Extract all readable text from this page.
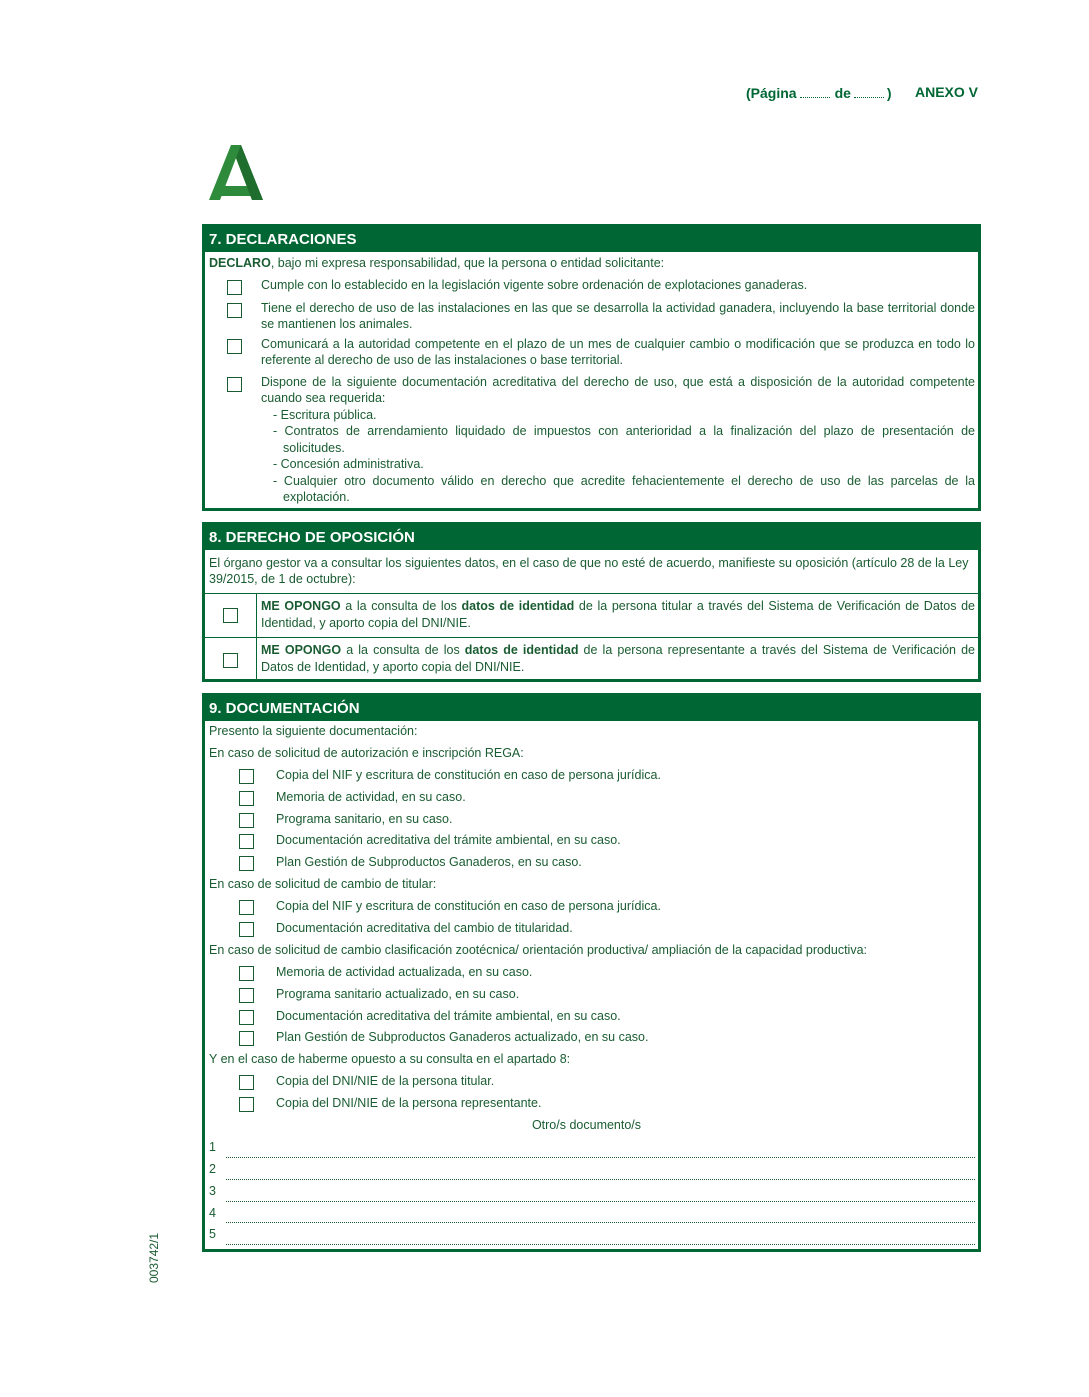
(Página	de	) ANEXO V
7. DECLARACIONES
DECLARO, bajo mi expresa responsabilidad, que la persona o entidad solicitante:
Cumple con lo establecido en la legislación vigente sobre ordenación de explotaciones ganaderas.
Tiene el derecho de uso de las instalaciones en las que se desarrolla la actividad ganadera, incluyendo la base territorial donde se mantienen los animales.
Comunicará a la autoridad competente en el plazo de un mes de cualquier cambio o modificación que se produzca en todo lo referente al derecho de uso de las instalaciones o base territorial.
Dispone de la siguiente documentación acreditativa del derecho de uso, que está a disposición de la autoridad competente cuando sea requerida:
- Escritura pública.
- Contratos de arrendamiento liquidado de impuestos con anterioridad a la finalización del plazo de presentación de solicitudes.
- Concesión administrativa.
- Cualquier otro documento válido en derecho que acredite fehacientemente el derecho de uso de las parcelas de la explotación.
8. DERECHO DE OPOSICIÓN
El órgano gestor va a consultar los siguientes datos, en el caso de que no esté de acuerdo, manifieste su oposición (artículo 28 de la Ley 39/2015, de 1 de octubre):
ME OPONGO a la consulta de los datos de identidad de la persona titular a través del Sistema de Verificación de Datos de Identidad, y aporto copia del DNI/NIE.
ME OPONGO a la consulta de los datos de identidad de la persona representante a través del Sistema de Verificación de Datos de Identidad, y aporto copia del DNI/NIE.
9. DOCUMENTACIÓN
Presento la siguiente documentación:
En caso de solicitud de autorización e inscripción REGA:
Copia del NIF y escritura de constitución en caso de persona jurídica.
Memoria de actividad, en su caso.
Programa sanitario, en su caso.
Documentación acreditativa del trámite ambiental, en su caso.
Plan Gestión de Subproductos Ganaderos, en su caso.
En caso de solicitud de cambio de titular:
Copia del NIF y escritura de constitución en caso de persona jurídica.
Documentación acreditativa del cambio de titularidad.
En caso de solicitud de cambio clasificación zootécnica/ orientación productiva/ ampliación de la capacidad productiva:
Memoria de actividad actualizada, en su caso.
Programa sanitario actualizado, en su caso.
Documentación acreditativa del trámite ambiental, en su caso.
Plan Gestión de Subproductos Ganaderos actualizado, en su caso.
Y en el caso de haberme opuesto a su consulta en el apartado 8:
Copia del DNI/NIE de la persona titular.
Copia del DNI/NIE de la persona representante.
Otro/s documento/s
1
2
3
4
5
003742/1
